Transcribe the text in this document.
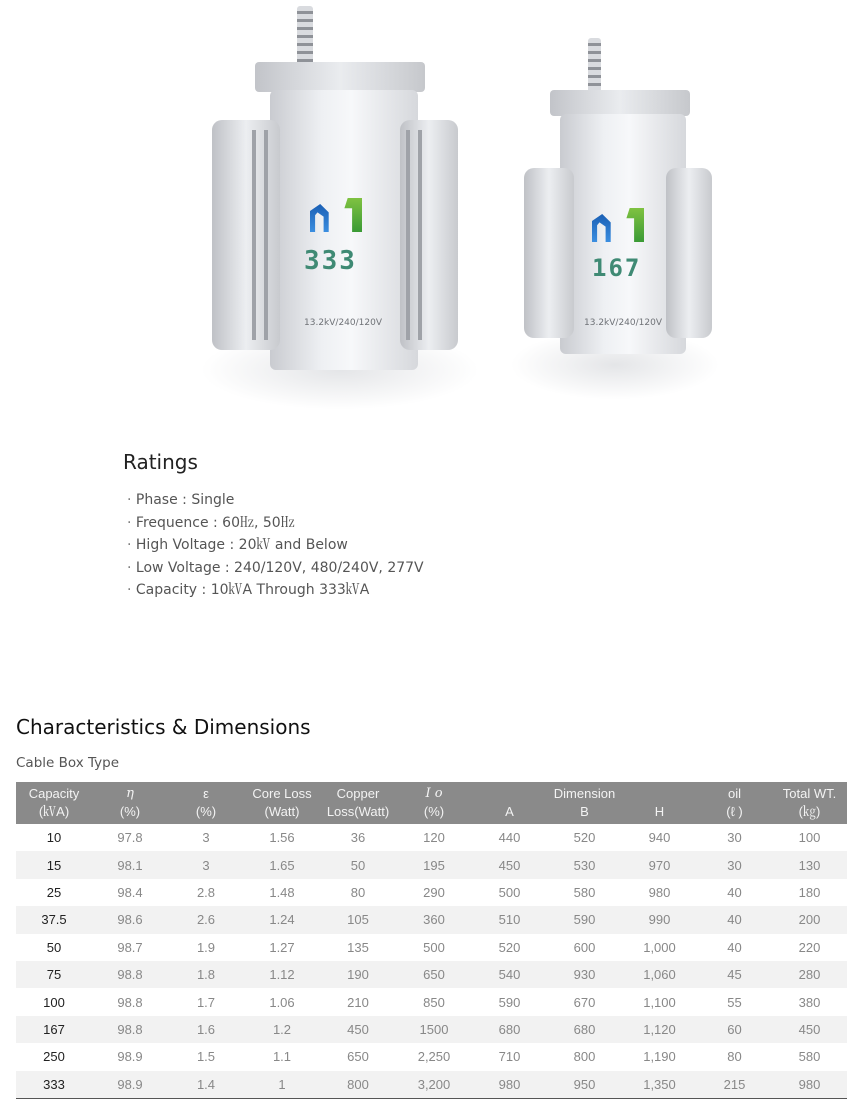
333
13.2kV/240/120V
167
13.2kV/240/120V
Ratings
· Phase : Single
· Frequence : 60㎐, 50㎐
· High Voltage : 20㎸ and Below
· Low Voltage : 240/120V, 480/240V, 277V
· Capacity : 10㎸A Through 333㎸A
Characteristics & Dimensions
Cable Box Type
Capacity	η	ε	Core Loss	Copper	I o	Dimension			oil	Total WT.
(㎸A)	(%)	(%)	(Watt)	Loss(Watt)	(%)	A	B	H	(ℓ )	(㎏)
10	97.8	3	1.56	36	120	440	520	940	30	100
15	98.1	3	1.65	50	195	450	530	970	30	130
25	98.4	2.8	1.48	80	290	500	580	980	40	180
37.5	98.6	2.6	1.24	105	360	510	590	990	40	200
50	98.7	1.9	1.27	135	500	520	600	1,000	40	220
75	98.8	1.8	1.12	190	650	540	930	1,060	45	280
100	98.8	1.7	1.06	210	850	590	670	1,100	55	380
167	98.8	1.6	1.2	450	1500	680	680	1,120	60	450
250	98.9	1.5	1.1	650	2,250	710	800	1,190	80	580
333	98.9	1.4	1	800	3,200	980	950	1,350	215	980
